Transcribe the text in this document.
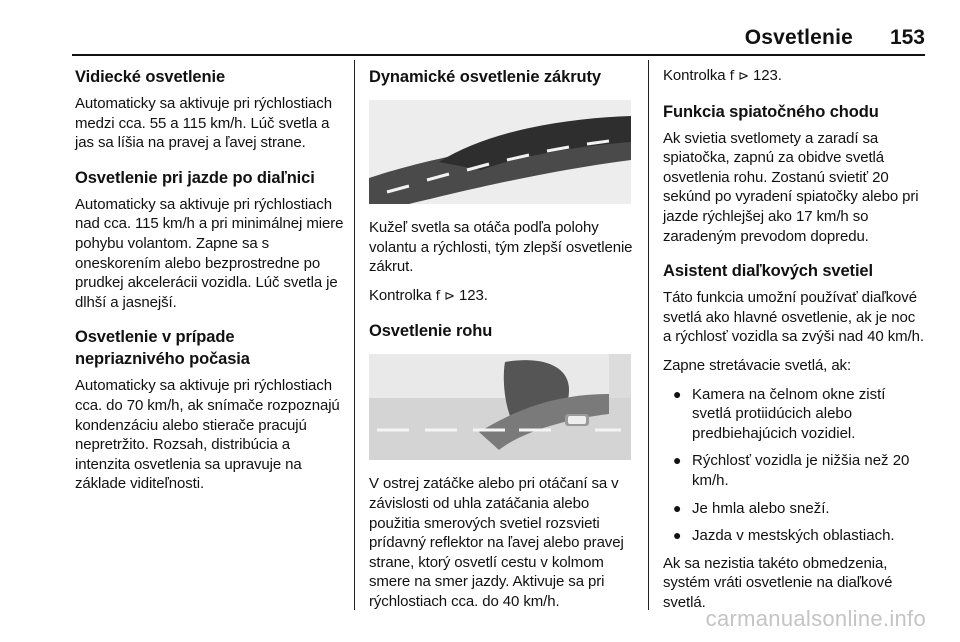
Osvetlenie 153
Vidiecké osvetlenie

Automaticky sa aktivuje pri rýchlostiach medzi cca. 55 a 115 km/h. Lúč svetla a jas sa líšia na pravej a ľavej strane.

Osvetlenie pri jazde po diaľnici

Automaticky sa aktivuje pri rýchlostiach nad cca. 115 km/h a pri minimálnej miere pohybu volantom. Zapne sa s oneskorením alebo bezprostredne po prudkej akcelerácii vozidla. Lúč svetla je dlhší a jasnejší.

Osvetlenie v prípade
nepriaznivého počasia

Automaticky sa aktivuje pri rýchlostiach cca. do 70 km/h, ak snímače rozpoznajú kondenzáciu alebo stierače pracujú nepretržito. Rozsah, distribúcia a intenzita osvetlenia sa upravuje na základe viditeľnosti.

Dynamické osvetlenie zákruty

Kužeľ svetla sa otáča podľa polohy volantu a rýchlosti, tým zlepší osvetlenie zákrut.

Kontrolka f ⊳ 123.

Osvetlenie rohu

V ostrej zatáčke alebo pri otáčaní sa v závislosti od uhla zatáčania alebo použitia smerových svetiel rozsvieti prídavný reflektor na ľavej alebo pravej strane, ktorý osvetlí cestu v kolmom smere na smer jazdy. Aktivuje sa pri rýchlostiach cca. do 40 km/h.

Kontrolka f ⊳ 123.

Funkcia spiatočného chodu

Ak svietia svetlomety a zaradí sa spiatočka, zapnú za obidve svetlá osvetlenia rohu. Zostanú svietiť 20 sekúnd po vyradení spiatočky alebo pri jazde rýchlejšej ako 17 km/h so zaradeným prevodom dopredu.

Asistent diaľkových svetiel

Táto funkcia umožní používať diaľkové svetlá ako hlavné osvetlenie, ak je noc a rýchlosť vozidla sa zvýši nad 40 km/h.

Zapne stretávacie svetlá, ak:

● Kamera na čelnom okne zistí svetlá protiidúcich alebo predbiehajúcich vozidiel.
● Rýchlosť vozidla je nižšia než 20 km/h.
● Je hmla alebo sneží.
● Jazda v mestských oblastiach.

Ak sa nezistia takéto obmedzenia, systém vráti osvetlenie na diaľkové svetlá.

carmanualsonline.info
